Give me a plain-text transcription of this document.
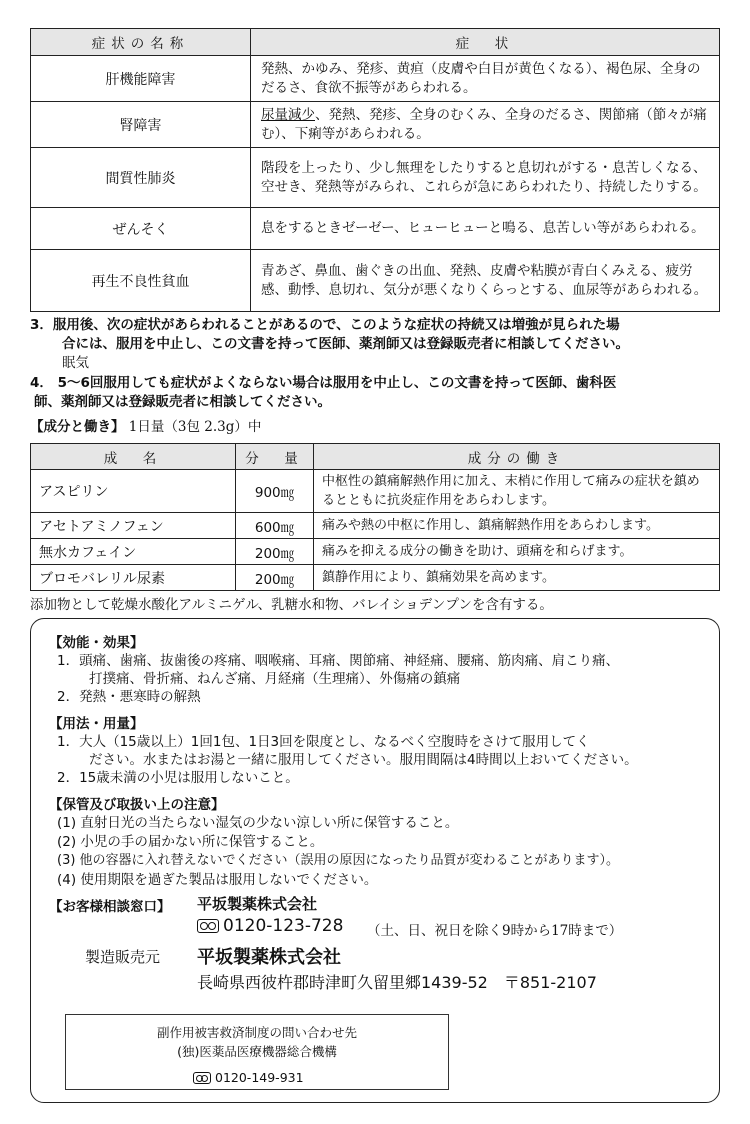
症状の名称	症　状
肝機能障害	発熱、かゆみ、発疹、黄疸（皮膚や白目が黄色くなる）、褐色尿、全身のだるさ、食欲不振等があらわれる。
腎障害	尿量減少、発熱、発疹、全身のむくみ、全身のだるさ、関節痛（節々が痛む）、下痢等があらわれる。
間質性肺炎	階段を上ったり、少し無理をしたりすると息切れがする・息苦しくなる、空せき、発熱等がみられ、これらが急にあらわれたり、持続したりする。
ぜんそく	息をするときゼーゼー、ヒューヒューと鳴る、息苦しい等があらわれる。
再生不良性貧血	青あざ、鼻血、歯ぐきの出血、発熱、皮膚や粘膜が青白くみえる、疲労感、動悸、息切れ、気分が悪くなりくらっとする、血尿等があらわれる。
3．服用後、次の症状があらわれることがあるので、このような症状の持続又は増強が見られた場
合には、服用を中止し、この文書を持って医師、薬剤師又は登録販売者に相談してください。
眠気
4． 5～6回服用しても症状がよくならない場合は服用を中止し、この文書を持って医師、歯科医
師、薬剤師又は登録販売者に相談してください。
【成分と働き】 1日量（3包 2.3g）中
成　名	分　量	成分の働き
アスピリン	900㎎	中枢性の鎮痛解熱作用に加え、末梢に作用して痛みの症状を鎮めるとともに抗炎症作用をあらわします。
アセトアミノフェン	600㎎	痛みや熱の中枢に作用し、鎮痛解熱作用をあらわします。
無水カフェイン	200㎎	痛みを抑える成分の働きを助け、頭痛を和らげます。
ブロモバレリル尿素	200㎎	鎮静作用により、鎮痛効果を高めます。
添加物として乾燥水酸化アルミニゲル、乳糖水和物、バレイショデンプンを含有する。
【効能・効果】
1．頭痛、歯痛、抜歯後の疼痛、咽喉痛、耳痛、関節痛、神経痛、腰痛、筋肉痛、肩こり痛、
打撲痛、骨折痛、ねんざ痛、月経痛（生理痛）、外傷痛の鎮痛
2．発熱・悪寒時の解熱
【用法・用量】
1．大人（15歳以上）1回1包、1日3回を限度とし、なるべく空腹時をさけて服用してく
ださい。水またはお湯と一緒に服用してください。服用間隔は4時間以上おいてください。
2．15歳未満の小児は服用しないこと。
【保管及び取扱い上の注意】
(1) 直射日光の当たらない湿気の少ない涼しい所に保管すること。
(2) 小児の手の届かない所に保管すること。
(3) 他の容器に入れ替えないでください（誤用の原因になったり品質が変わることがあります）。
(4) 使用期限を過ぎた製品は服用しないでください。
【お客様相談窓口】 平坂製薬株式会社
0120-123-728 （土、日、祝日を除く9時から17時まで）
製造販売元 平坂製薬株式会社
長崎県西彼杵郡時津町久留里郷1439-52　〒851-2107
副作用被害救済制度の問い合わせ先
(独)医薬品医療機器総合機構
0120-149-931
